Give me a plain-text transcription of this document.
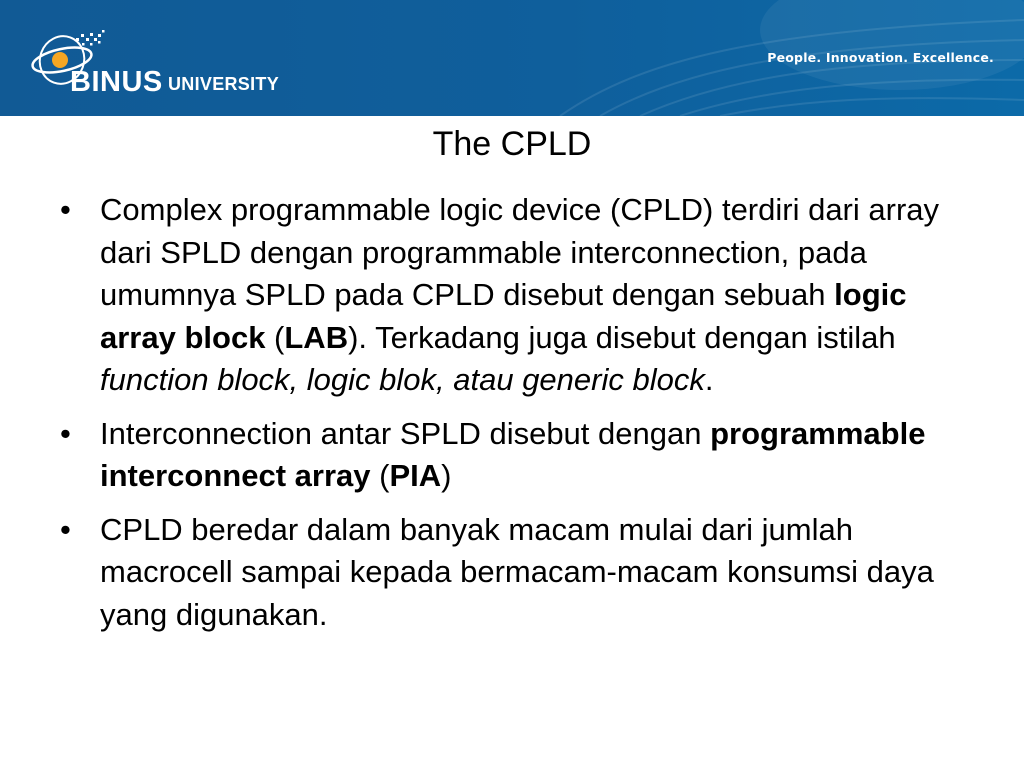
BINUS UNIVERSITY
People. Innovation. Excellence.
The CPLD
• Complex programmable logic device (CPLD) terdiri dari array dari SPLD dengan programmable interconnection, pada umumnya SPLD pada CPLD disebut dengan sebuah logic array block (LAB). Terkadang juga disebut dengan istilah function block, logic blok, atau generic block.
• Interconnection antar SPLD disebut dengan programmable interconnect array (PIA)
• CPLD beredar dalam banyak macam mulai dari jumlah macrocell sampai kepada bermacam-macam konsumsi daya yang digunakan.
